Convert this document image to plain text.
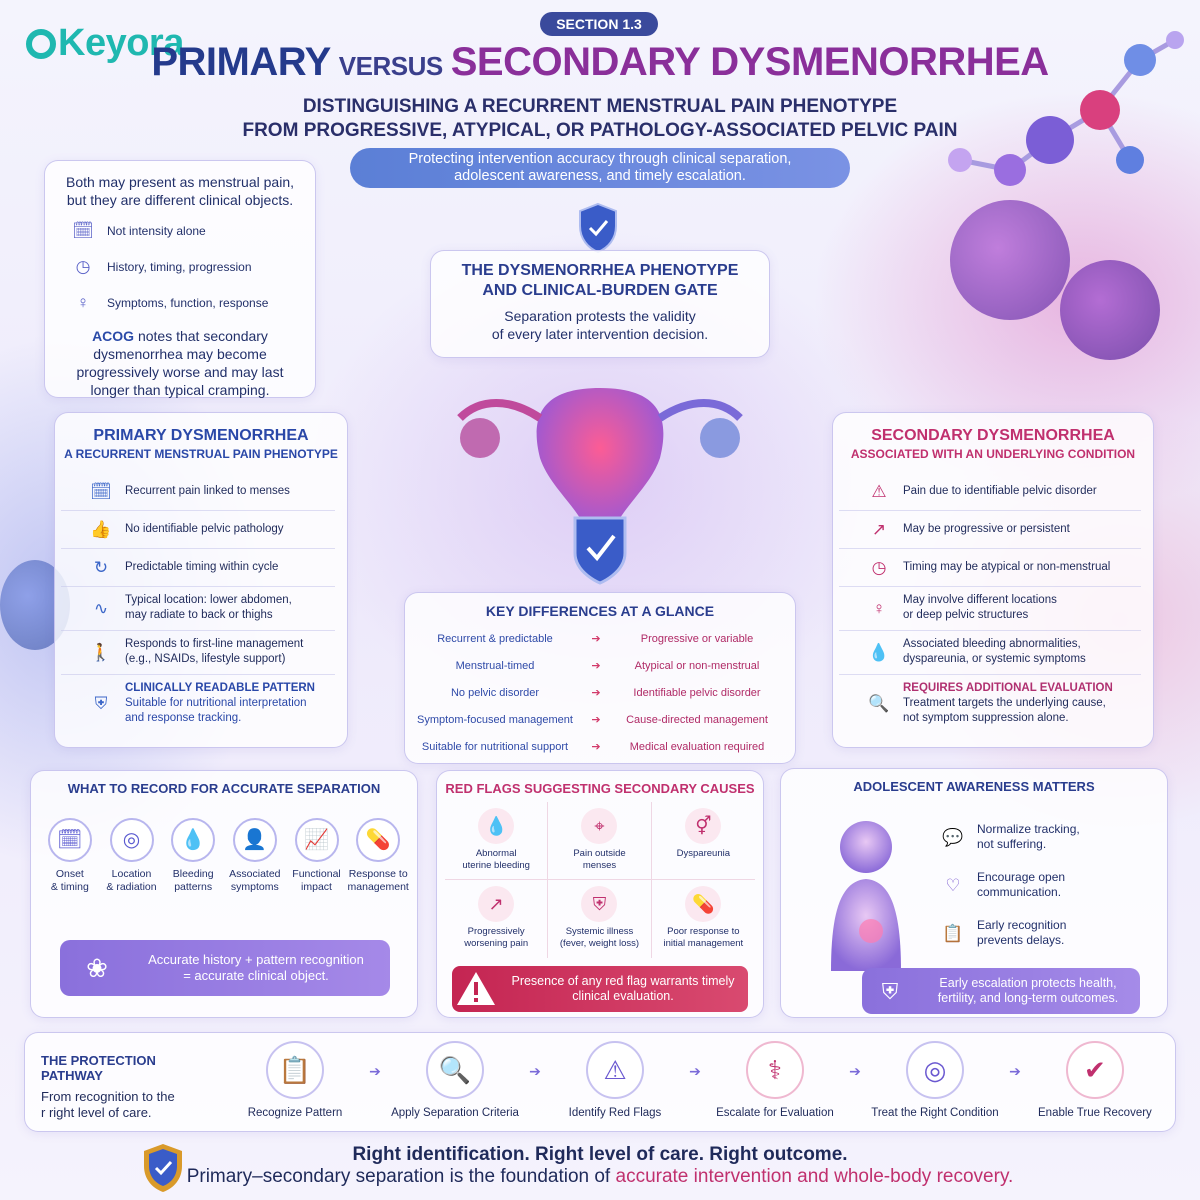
Keyora	SECTION 1.3
PRIMARY VERSUS SECONDARY DYSMENORRHEA
DISTINGUISHING A RECURRENT MENSTRUAL PAIN PHENOTYPE
FROM PROGRESSIVE, ATYPICAL, OR PATHOLOGY-ASSOCIATED PELVIC PAIN
Protecting intervention accuracy through clinical separation,
adolescent awareness, and timely escalation.
Both may present as menstrual pain,
but they are different clinical objects.
🗓 Not intensity alone
◷	History, timing, progression
♀	Symptoms, function, response
ACOG notes that secondary dysmenorrhea may become progressively worse and may last longer than typical cramping.
THE DYSMENORRHEA PHENOTYPE
AND CLINICAL-BURDEN GATE
Separation protests the validity
of every later intervention decision.
PRIMARY DYSMENORRHEA
A RECURRENT MENSTRUAL PAIN PHENOTYPE
🗓 Recurrent pain linked to menses
👍 No identifiable pelvic pathology
↻	Predictable timing within cycle
∿	Typical location: lower abdomen,
may radiate to back or thighs
🚶 Responds to first-line management
(e.g., NSAIDs, lifestyle support)
⛨
CLINICALLY READABLE PATTERN
Suitable for nutritional interpretation
and response tracking.
SECONDARY DYSMENORRHEA
ASSOCIATED WITH AN UNDERLYING CONDITION
⚠	Pain due to identifiable pelvic disorder
↗	May be progressive or persistent
◷	Timing may be atypical or non-menstrual
♀	May involve different locations
or deep pelvic structures
💧 Associated bleeding abnormalities,
dyspareunia, or systemic symptoms
🔍
REQUIRES ADDITIONAL EVALUATION
Treatment targets the underlying cause,
not symptom suppression alone.
KEY DIFFERENCES AT A GLANCE
Recurrent & predictable	➔	Progressive or variable
Menstrual-timed	➔	Atypical or non-menstrual
No pelvic disorder	➔	Identifiable pelvic disorder
Symptom-focused management	➔	Cause-directed management
Suitable for nutritional support	➔	Medical evaluation required
WHAT TO RECORD FOR ACCURATE SEPARATION
🗓
Onset
& timing
◎
Location
& radiation
💧
Bleeding
patterns
👤
Associated
symptoms
📈
Functional
impact
💊
Response to
management
❀	Accurate history + pattern recognition
= accurate clinical object.
RED FLAGS SUGGESTING SECONDARY CAUSES
💧
Abnormal
uterine bleeding
⌖
Pain outside
menses
⚥
Dyspareunia
↗
Progressively
worsening pain
⛨
Systemic illness
(fever, weight loss)
💊
Poor response to
initial management
Presence of any red flag warrants timely
clinical evaluation.
ADOLESCENT AWARENESS MATTERS
💬 Normalize tracking,
not suffering.
♡	Encourage open
communication.
📋 Early recognition
prevents delays.
⛨	Early escalation protects health,
fertility, and long-term outcomes.
THE PROTECTION PATHWAY
From recognition to the
r right level of care.
📋
Recognize Pattern
➔	🔍
Apply Separation Criteria
➔	⚠
Identify Red Flags
➔	⚕
Escalate for Evaluation
➔	◎
Treat the Right Condition
➔	✔
Enable True Recovery
Right identification. Right level of care. Right outcome.
Primary–secondary separation is the foundation of accurate intervention and whole-body recovery.
